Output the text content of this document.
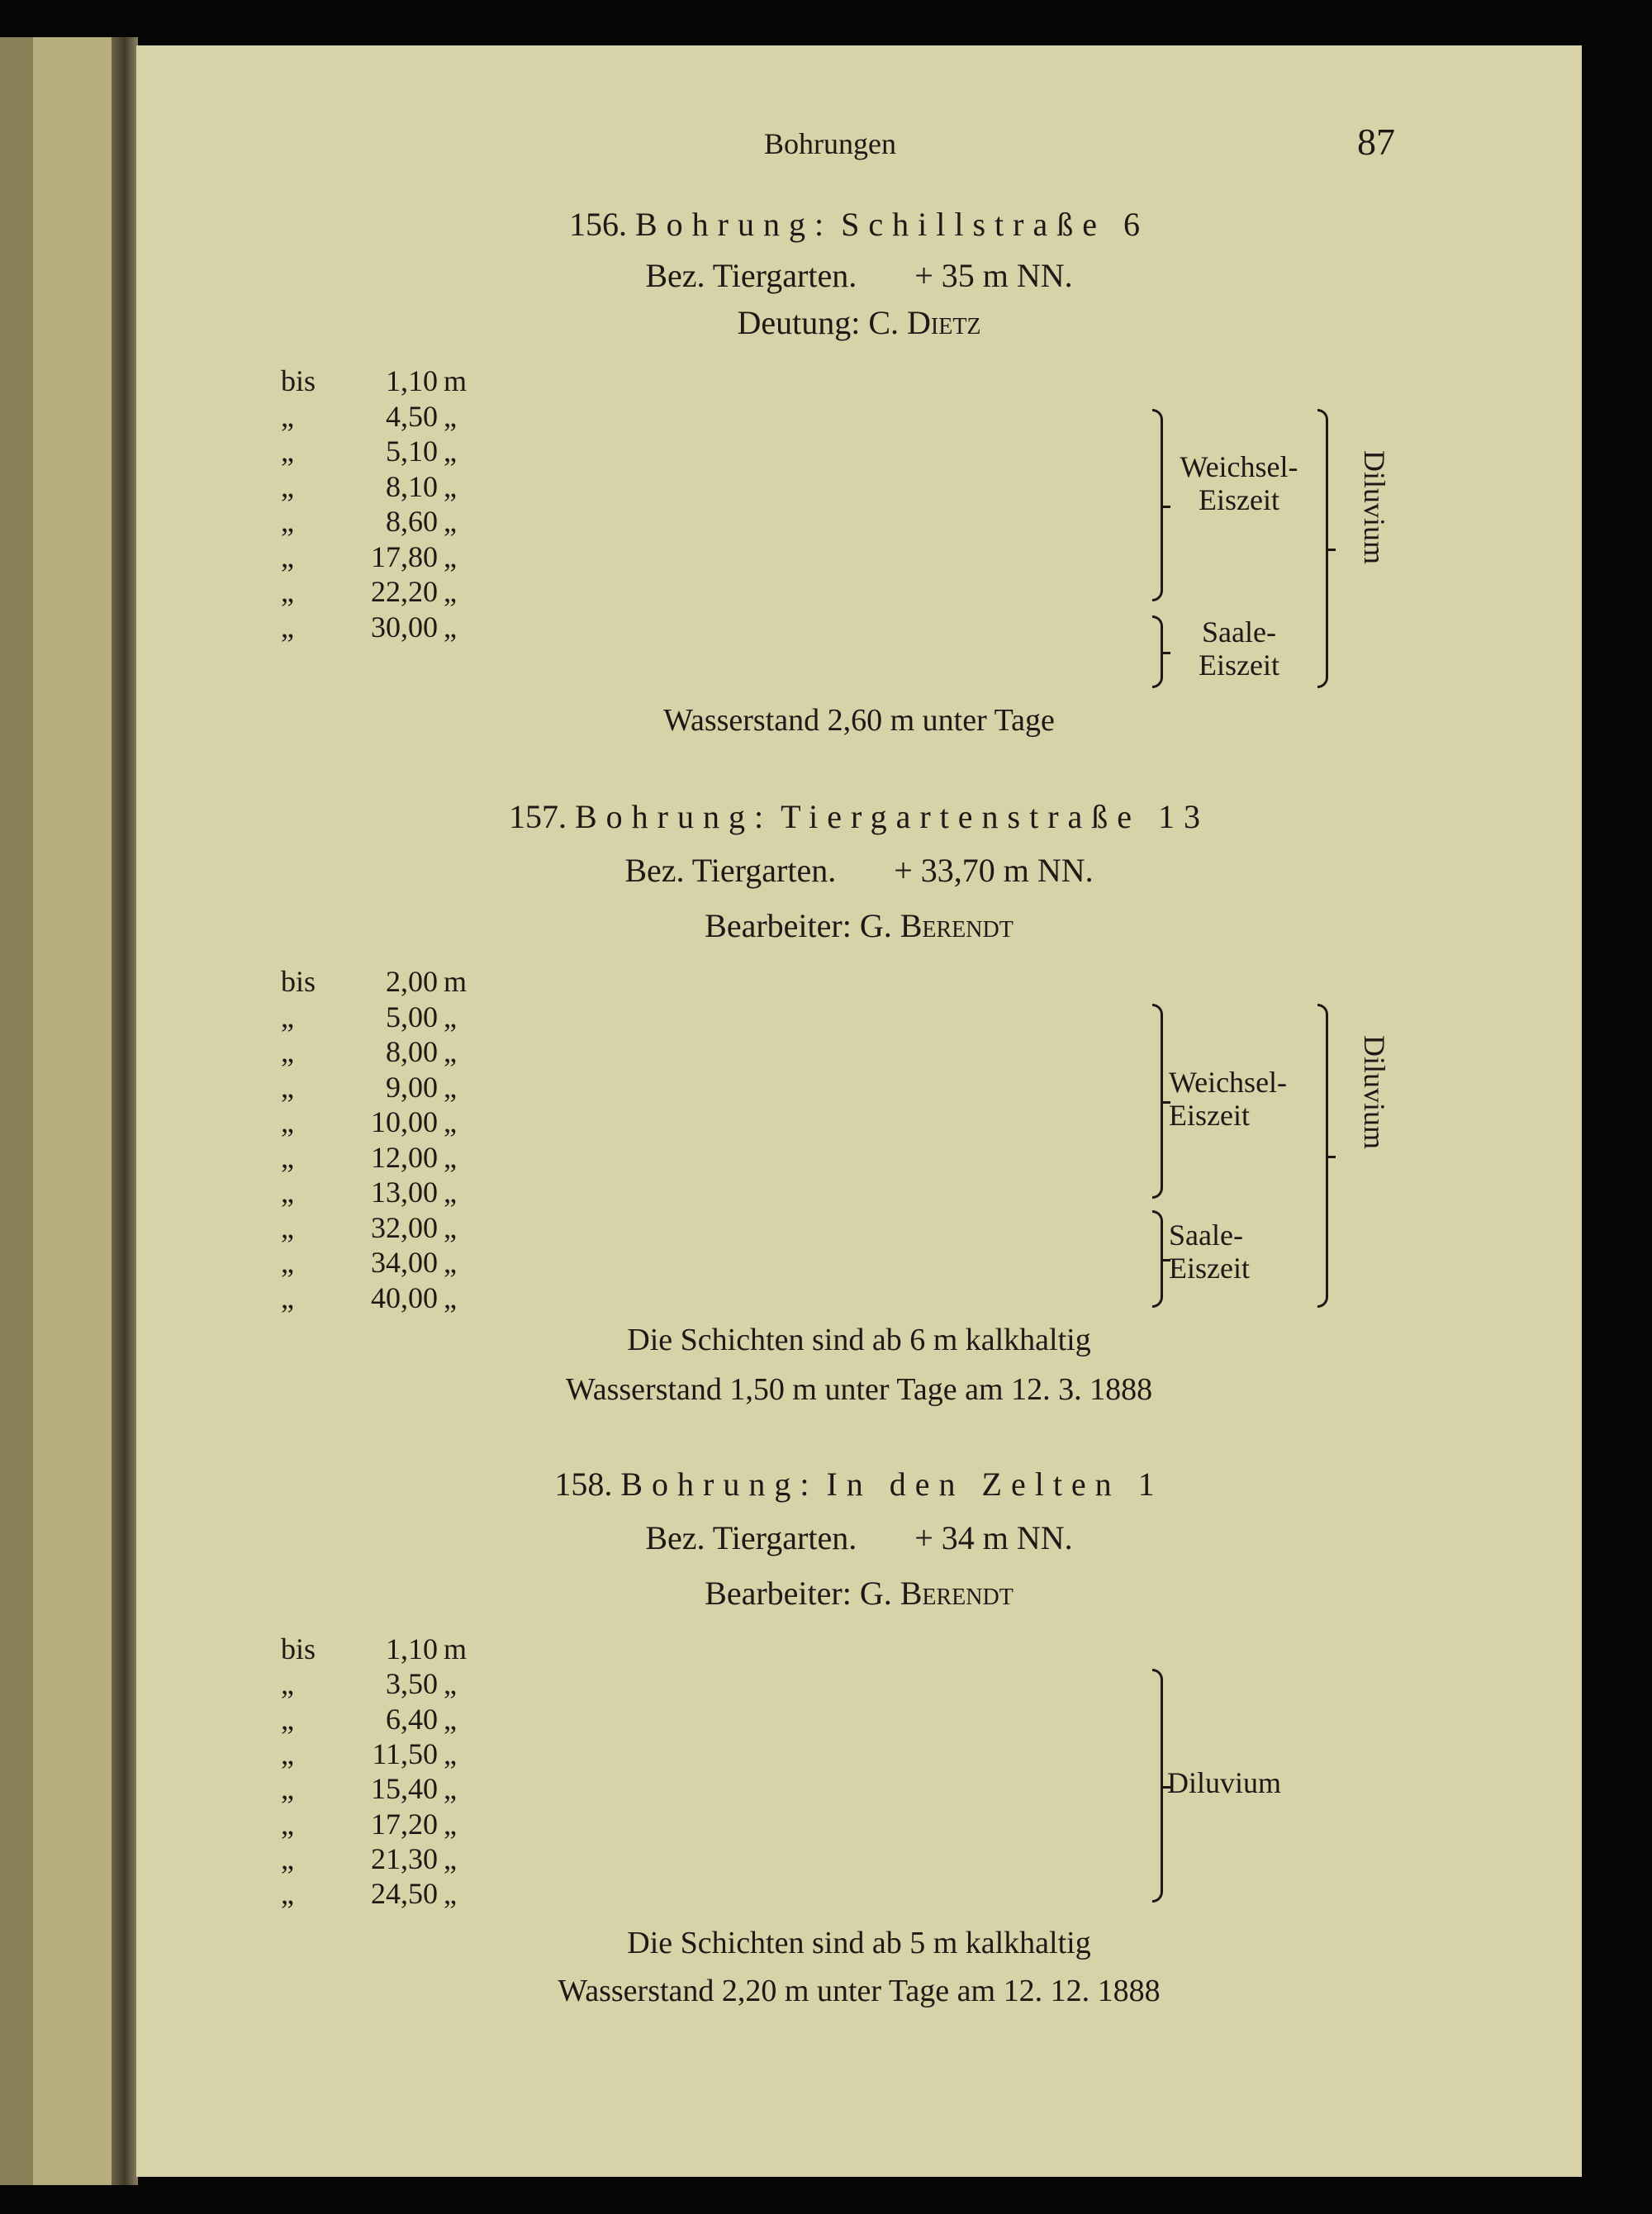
Bohrungen	87
156. Bohrung: Schillstraße 6
Bez. Tiergarten. + 35 m NN.
Deutung: C. Dietz
bis	1,10 m
„	4,50 „
„	5,10 „
„	8,10 „
„	8,60 „
„	17,80 „
„	22,20 „
„	30,00 „
Weichsel- Eiszeit
Saale- Eiszeit
Diluvium
Wasserstand 2,60 m unter Tage
157. Bohrung: Tiergartenstraße 13
Bez. Tiergarten. + 33,70 m NN.
Bearbeiter: G. Berendt
bis	2,00 m
„	5,00 „
„	8,00 „
„	9,00 „
„	10,00 „
„	12,00 „
„	13,00 „
„	32,00 „
„	34,00 „
„	40,00 „
Weichsel- Eiszeit
Saale- Eiszeit
Diluvium
Die Schichten sind ab 6 m kalkhaltig
Wasserstand 1,50 m unter Tage am 12. 3. 1888
158. Bohrung: In den Zelten 1
Bez. Tiergarten. + 34 m NN.
Bearbeiter: G. Berendt
bis	1,10 m
„	3,50 „
„	6,40 „
„	11,50 „
„	15,40 „
„	17,20 „
„	21,30 „
„	24,50 „
Diluvium
Die Schichten sind ab 5 m kalkhaltig
Wasserstand 2,20 m unter Tage am 12. 12. 1888
